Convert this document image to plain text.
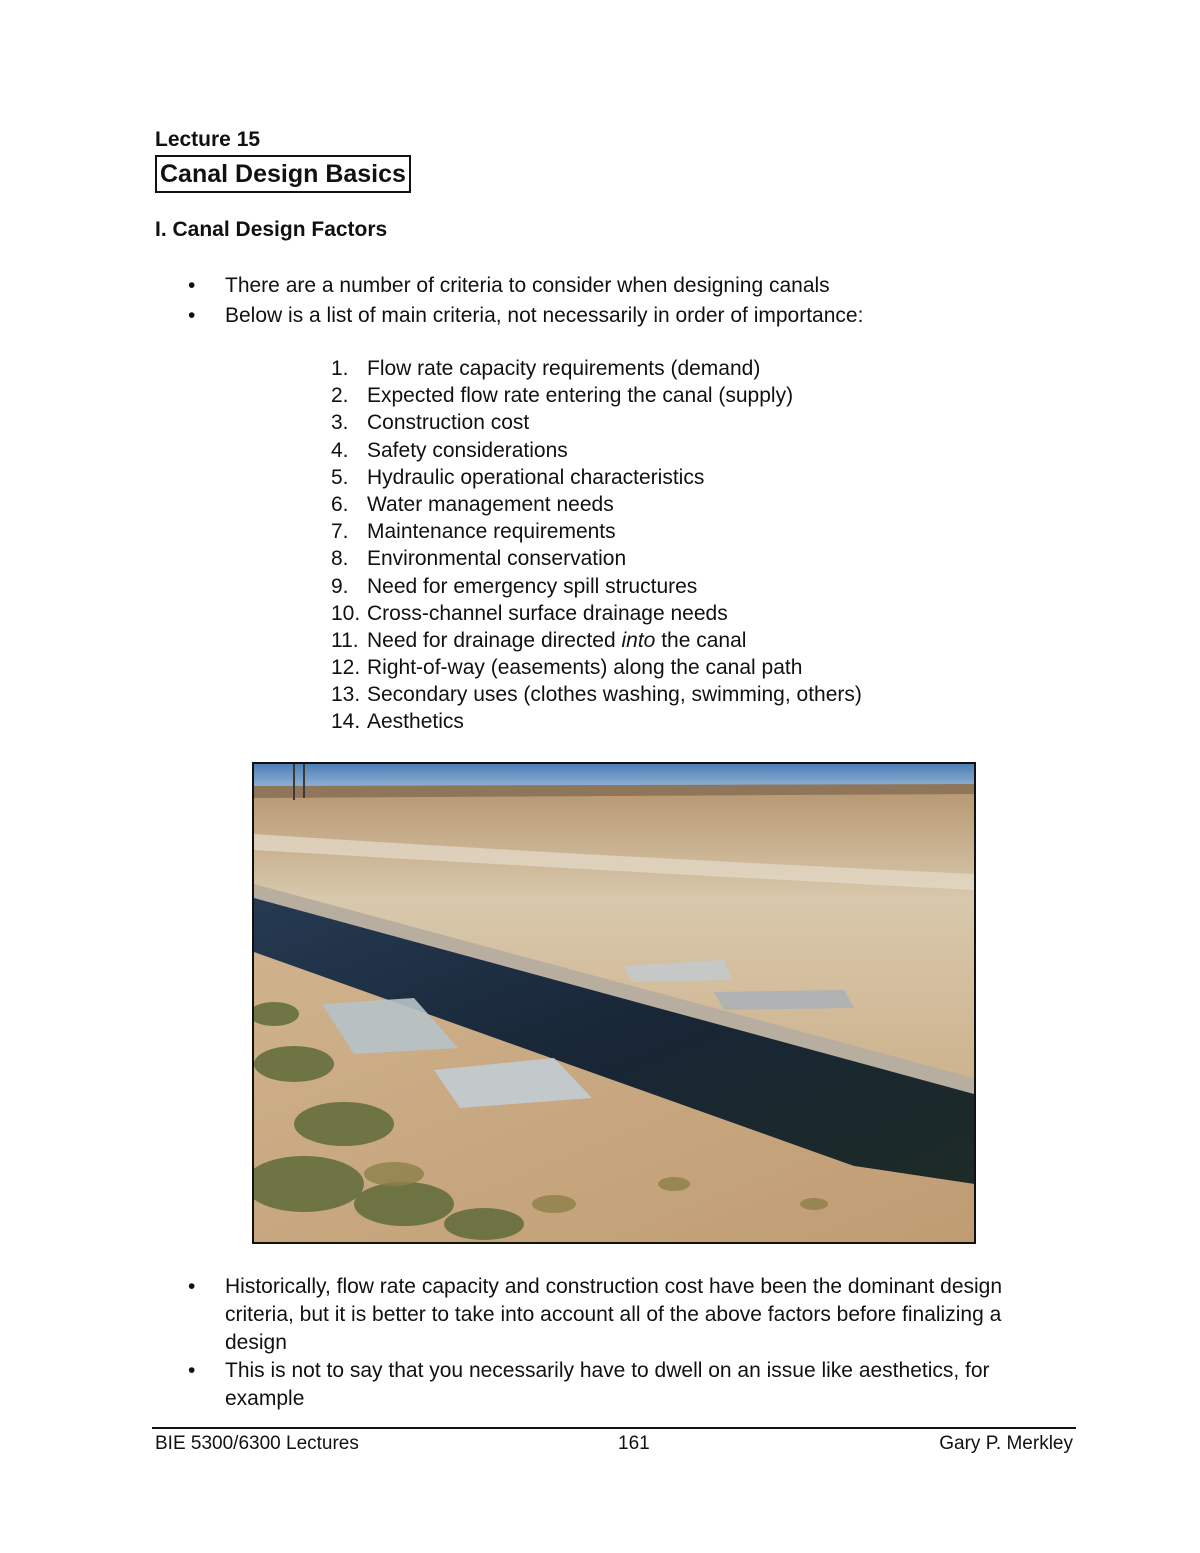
Lecture 15
Canal Design Basics
I. Canal Design Factors
• There are a number of criteria to consider when designing canals
• Below is a list of main criteria, not necessarily in order of importance:
1. Flow rate capacity requirements (demand)
2. Expected flow rate entering the canal (supply)
3. Construction cost
4. Safety considerations
5. Hydraulic operational characteristics
6. Water management needs
7. Maintenance requirements
8. Environmental conservation
9. Need for emergency spill structures
10. Cross-channel surface drainage needs
11. Need for drainage directed into the canal
12. Right-of-way (easements) along the canal path
13. Secondary uses (clothes washing, swimming, others)
14. Aesthetics
• Historically, flow rate capacity and construction cost have been the dominant design criteria, but it is better to take into account all of the above factors before finalizing a design
• This is not to say that you necessarily have to dwell on an issue like aesthetics, for example
BIE 5300/6300 Lectures	161	Gary P. Merkley
